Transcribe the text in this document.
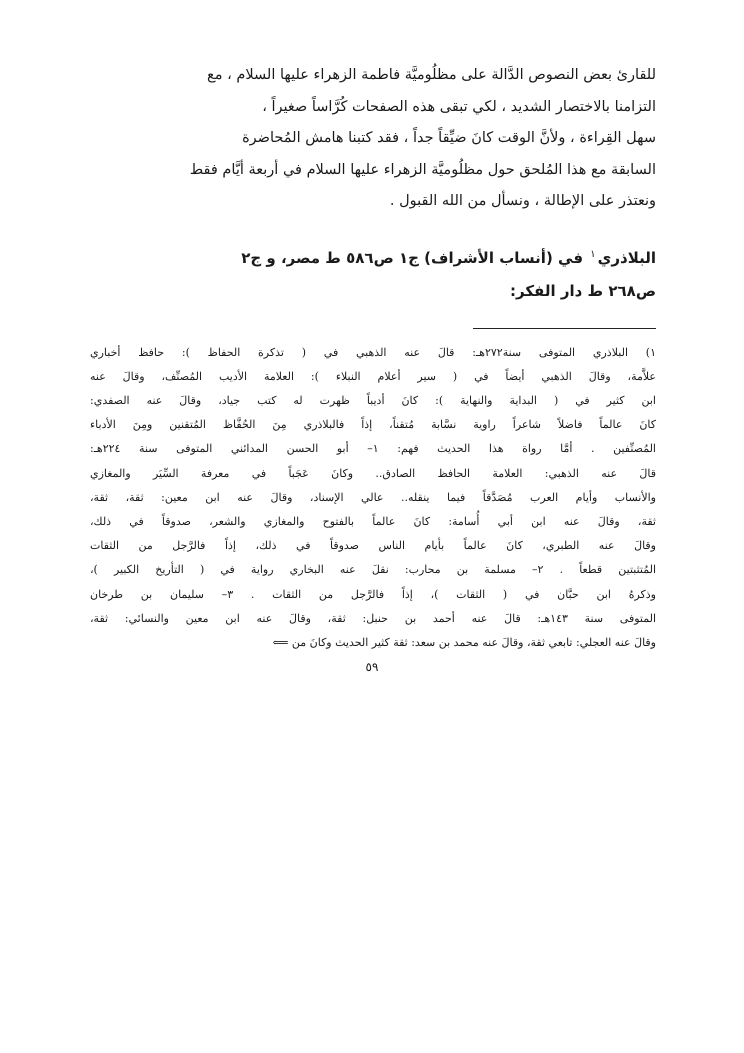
للقارئ بعض النصوص الدَّالة على مظلُوميَّة فاطمة الزهراء عليها السلام ، مع
التزامنا بالاختصار الشديد ، لكي تبقى هذه الصفحات كُرَّاساً صغيراً ،
سهل القِراءة ، ولأنَّ الوقت كانَ ضيِّقاً جداً ، فقد كتبنا هامش المُحاضرة
السابقة مع هذا المُلحق حول مظلُوميَّة الزهراء عليها السلام في أربعة أيَّام فقط
ونعتذر على الإطالة ، ونسأل من الله القبول .
البلاذري$^١$ في (أنساب الأشراف) ج١ ص٥٨٦ ط مصر، و ج٢
ص٢٦٨ ط دار الفكر:
١) البلاذري المتوفى سنة٢٧٢هـ: قالَ عنه الذهبي في ( تذكرة الحفاظ ): حافظ أخباري
علاَّمة، وقالَ الذهبي أيضاً في ( سير أعلام النبلاء ): العلامة الأديب المُصنِّف، وقالَ عنه
ابن كثير في ( البداية والنهاية ): كانَ أديباً ظهرت له كتب جياد، وقالَ عنه الصفدي:
كانَ عالماً فاضلاً شاعراً راوية نسَّابة مُتقناً، إذاً فالبلاذري مِنَ الحُفَّاظ المُتقنين ومِنَ الأدباء
المُصنِّفين . أمَّا رواة هذا الحديث فهم: ١– أبو الحسن المدائني المتوفى سنة ٢٢٤هـ:
قالَ عنه الذهبي: العلامة الحافظ الصادق.. وكانَ عَجَباً في معرفة السِّيَر والمغازي
والأنساب وأيام العرب مُصَدَّقاً فيما ينقله.. عالي الإسناد، وقالَ عنه ابن معين: ثقة، ثقة،
ثقة، وقالَ عنه ابن أبي أُسامة: كانَ عالماً بالفتوح والمغازي والشعر، صدوقاً في ذلك،
وقالَ عنه الطبري، كانَ عالماً بأيام الناس صدوقاً في ذلك، إذاً فالرَّجل من الثقات
المُتثبتين قطعاً . ٢– مسلمة بن محارب: نقلَ عنه البخاري رواية في ( التأريخ الكبير )،
وذكرهُ ابن حبَّان في ( الثقات )، إذاً فالرَّجل من الثقات . ٣– سليمان بن طرخان
المتوفى سنة ١٤٣هـ: قالَ عنه أحمد بن حنبل: ثقة، وقالَ عنه ابن معين والنسائي: ثقة،
وقالَ عنه العجلي: تابعي ثقة، وقالَ عنه محمد بن سعد: ثقة كثير الحديث وكانَ من ⟸
٥٩
